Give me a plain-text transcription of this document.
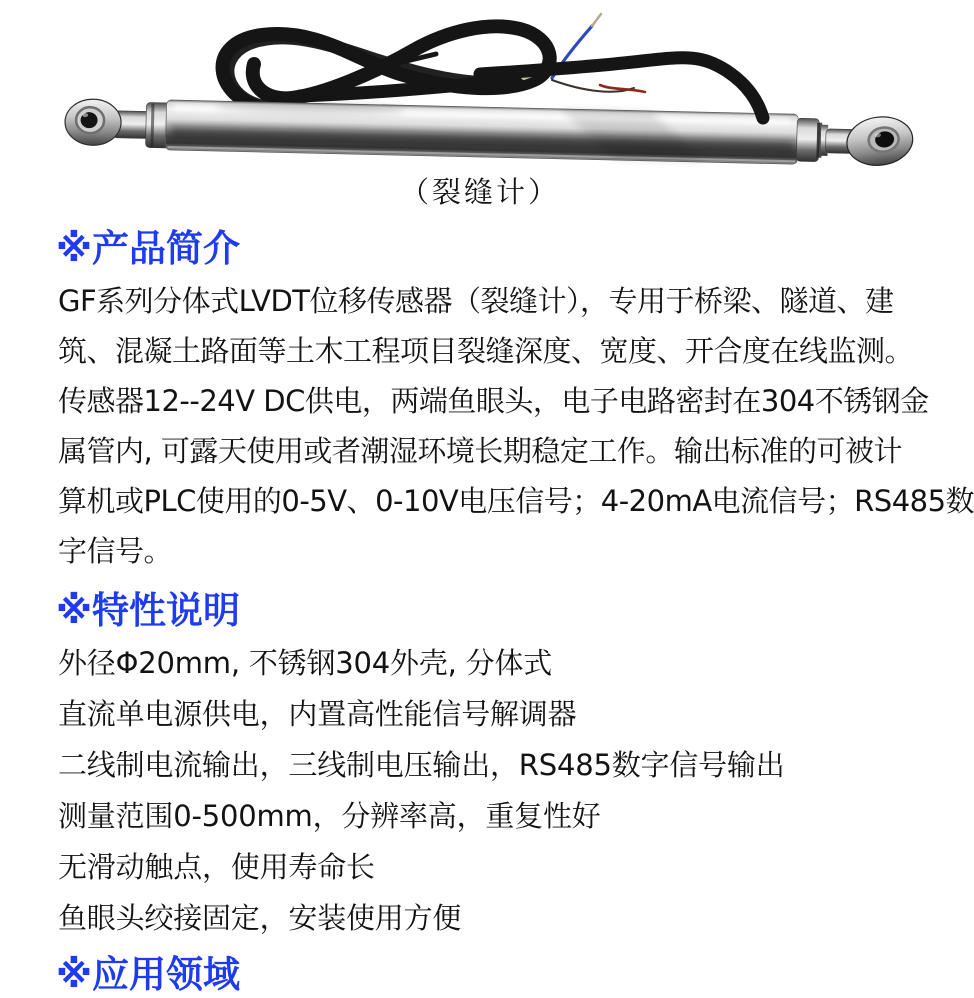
（裂缝计）
※产品简介
GF系列分体式LVDT位移传感器（裂缝计），专用于桥梁、隧道、建
筑、混凝土路面等土木工程项目裂缝深度、宽度、开合度在线监测。
传感器12--24V DC供电，两端鱼眼头，电子电路密封在304不锈钢金
属管内, 可露天使用或者潮湿环境长期稳定工作。输出标准的可被计
算机或PLC使用的0-5V、0-10V电压信号；4-20mA电流信号；RS485数
字信号。
※特性说明
外径Φ20mm, 不锈钢304外壳, 分体式
直流单电源供电，内置高性能信号解调器
二线制电流输出，三线制电压输出，RS485数字信号输出
测量范围0-500mm，分辨率高，重复性好
无滑动触点，使用寿命长
鱼眼头绞接固定，安装使用方便
※应用领域
